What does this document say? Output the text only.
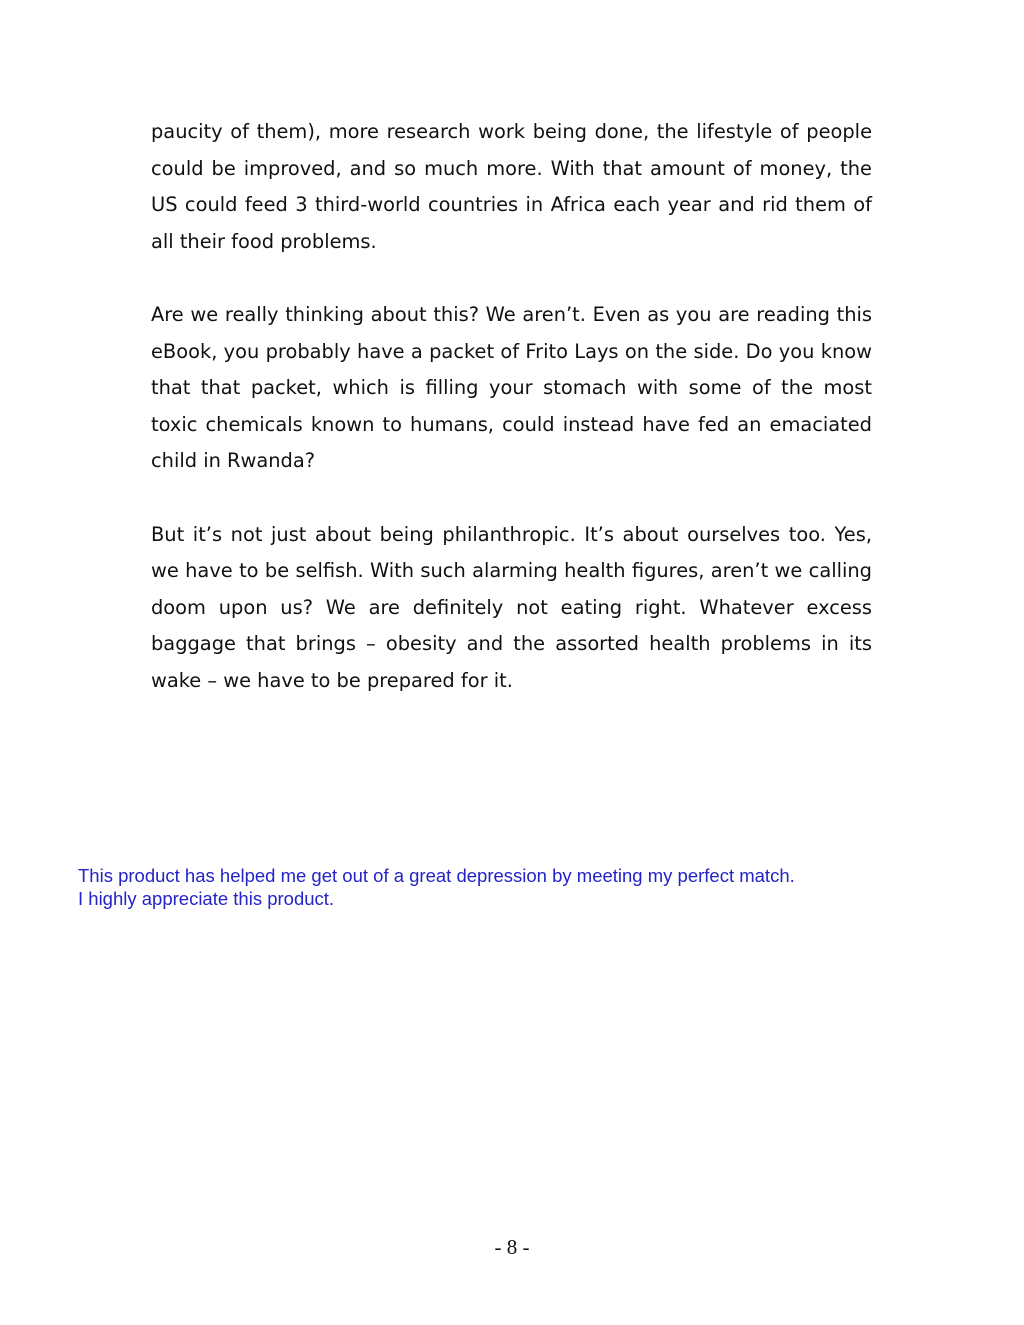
paucity of them), more research work being done, the lifestyle of people could be improved, and so much more. With that amount of money, the US could feed 3 third-world countries in Africa each year and rid them of all their food problems.

Are we really thinking about this? We aren’t. Even as you are reading this eBook, you probably have a packet of Frito Lays on the side. Do you know that that packet, which is filling your stomach with some of the most toxic chemicals known to humans, could instead have fed an emaciated child in Rwanda?

But it’s not just about being philanthropic. It’s about ourselves too. Yes, we have to be selfish. With such alarming health figures, aren’t we calling doom upon us? We are definitely not eating right. Whatever excess baggage that brings – obesity and the assorted health problems in its wake – we have to be prepared for it.

This product has helped me get out of a great depression by meeting my perfect match.
I highly appreciate this product.
- 8 -
